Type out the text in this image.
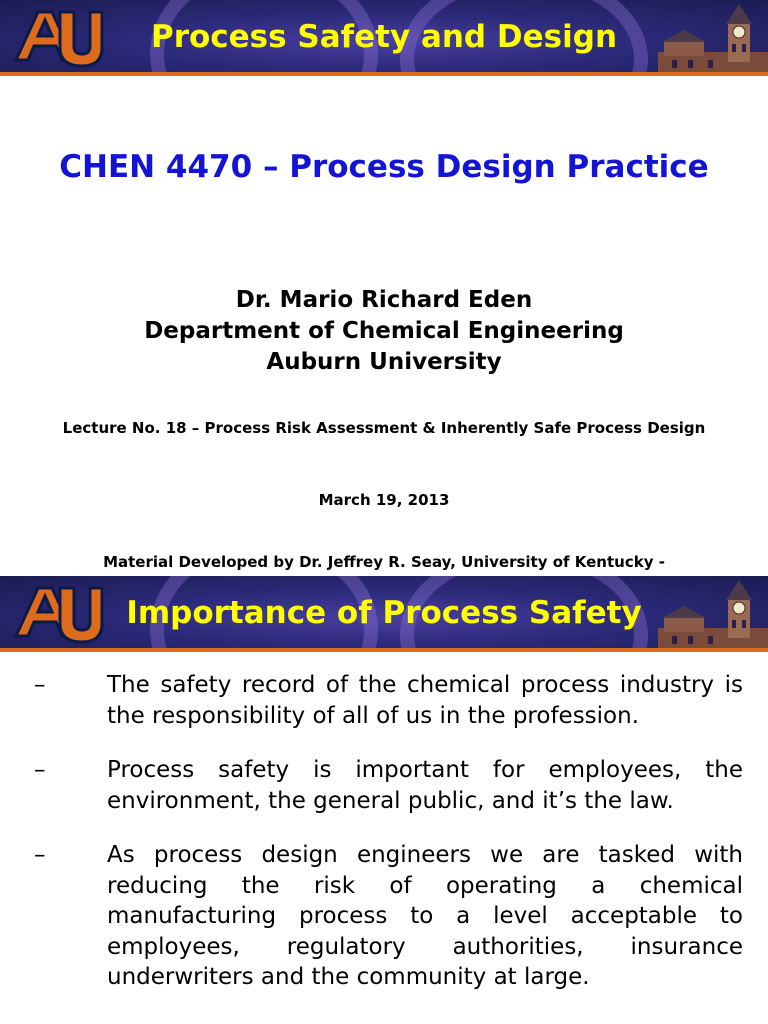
Process Safety and Design
CHEN 4470 – Process Design Practice
Dr. Mario Richard Eden
Department of Chemical Engineering
Auburn University
Lecture No. 18 – Process Risk Assessment & Inherently Safe Process Design
March 19, 2013
Material Developed by Dr. Jeffrey R. Seay, University of Kentucky -
–	The safety record of the chemical process industry is the responsibility of all of us in the profession.
–	Process safety is important for employees, the environment, the general public, and it’s the law.
–	As process design engineers we are tasked with reducing the risk of operating a chemical manufacturing process to a level acceptable to employees, regulatory authorities, insurance underwriters and the community at large.
Importance of Process Safety
